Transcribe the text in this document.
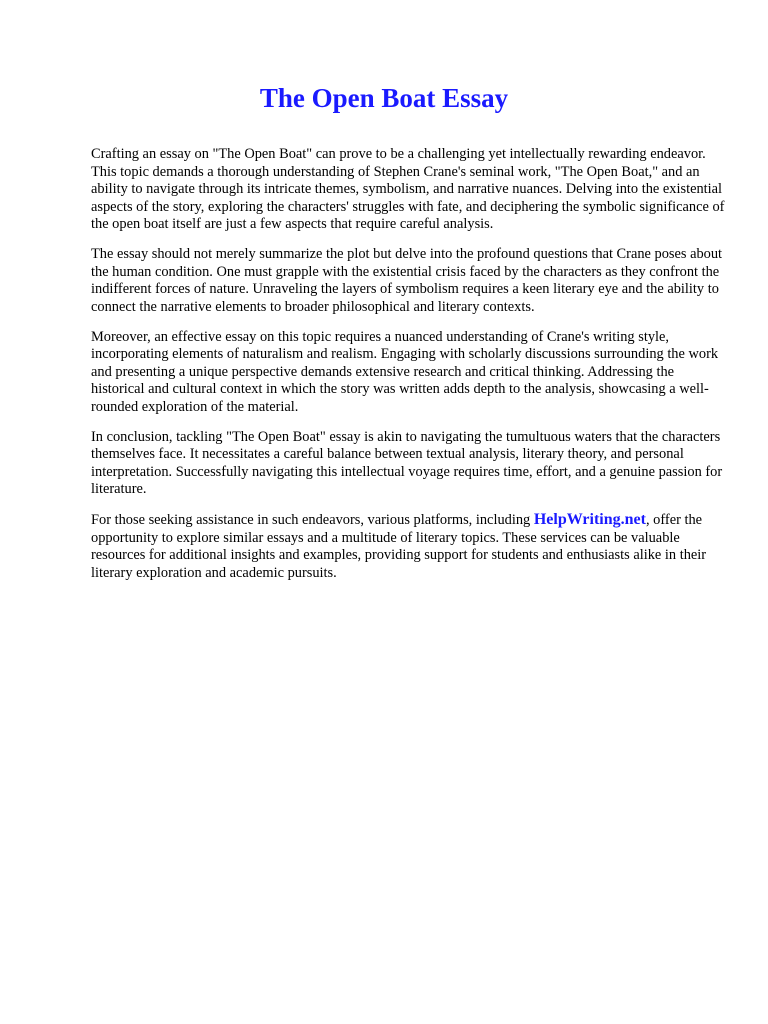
The Open Boat Essay

Crafting an essay on "The Open Boat" can prove to be a challenging yet intellectually rewarding endeavor. This topic demands a thorough understanding of Stephen Crane's seminal work, "The Open Boat," and an ability to navigate through its intricate themes, symbolism, and narrative nuances. Delving into the existential aspects of the story, exploring the characters' struggles with fate, and deciphering the symbolic significance of the open boat itself are just a few aspects that require careful analysis.

The essay should not merely summarize the plot but delve into the profound questions that Crane poses about the human condition. One must grapple with the existential crisis faced by the characters as they confront the indifferent forces of nature. Unraveling the layers of symbolism requires a keen literary eye and the ability to connect the narrative elements to broader philosophical and literary contexts.

Moreover, an effective essay on this topic requires a nuanced understanding of Crane's writing style, incorporating elements of naturalism and realism. Engaging with scholarly discussions surrounding the work and presenting a unique perspective demands extensive research and critical thinking. Addressing the historical and cultural context in which the story was written adds depth to the analysis, showcasing a well-rounded exploration of the material.

In conclusion, tackling "The Open Boat" essay is akin to navigating the tumultuous waters that the characters themselves face. It necessitates a careful balance between textual analysis, literary theory, and personal interpretation. Successfully navigating this intellectual voyage requires time, effort, and a genuine passion for literature.

For those seeking assistance in such endeavors, various platforms, including HelpWriting.net, offer the opportunity to explore similar essays and a multitude of literary topics. These services can be valuable resources for additional insights and examples, providing support for students and enthusiasts alike in their literary exploration and academic pursuits.
